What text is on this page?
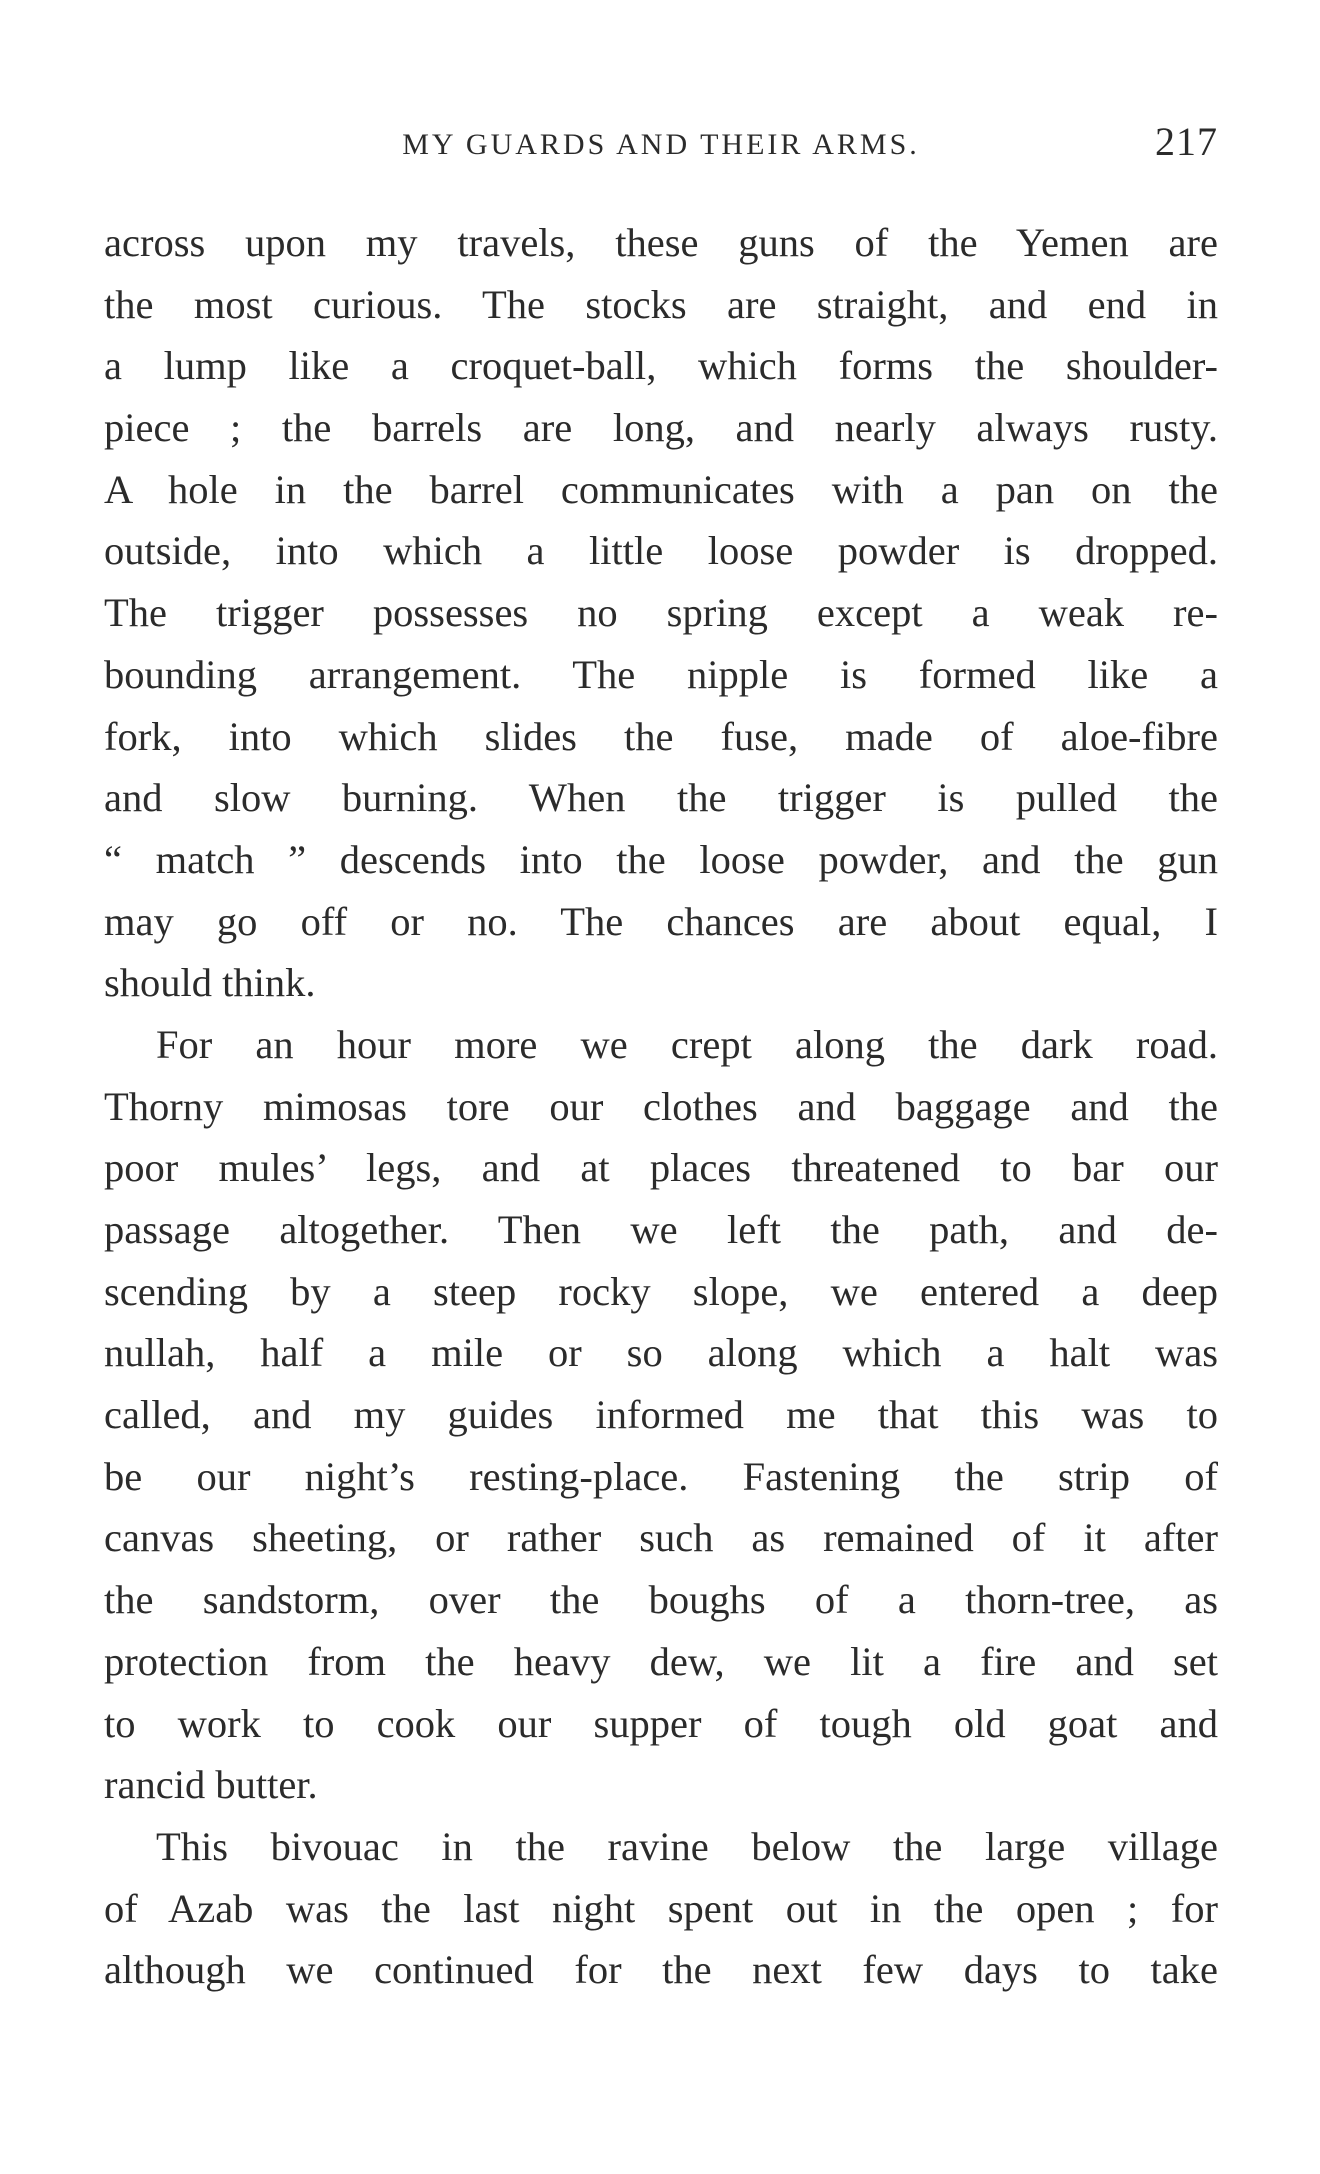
MY GUARDS AND THEIR ARMS.	217
across upon my travels, these guns of the Yemen are
the most curious. The stocks are straight, and end in
a lump like a croquet-ball, which forms the shoulder-
piece ; the barrels are long, and nearly always rusty.
A hole in the barrel communicates with a pan on the
outside, into which a little loose powder is dropped.
The trigger possesses no spring except a weak re-
bounding arrangement. The nipple is formed like a
fork, into which slides the fuse, made of aloe-fibre
and slow burning. When the trigger is pulled the
“ match ” descends into the loose powder, and the gun
may go off or no. The chances are about equal, I
should think.
For an hour more we crept along the dark road.
Thorny mimosas tore our clothes and baggage and the
poor mules’ legs, and at places threatened to bar our
passage altogether. Then we left the path, and de-
scending by a steep rocky slope, we entered a deep
nullah, half a mile or so along which a halt was
called, and my guides informed me that this was to
be our night’s resting-place. Fastening the strip of
canvas sheeting, or rather such as remained of it after
the sandstorm, over the boughs of a thorn-tree, as
protection from the heavy dew, we lit a fire and set
to work to cook our supper of tough old goat and
rancid butter.
This bivouac in the ravine below the large village
of Azab was the last night spent out in the open ; for
although we continued for the next few days to take
